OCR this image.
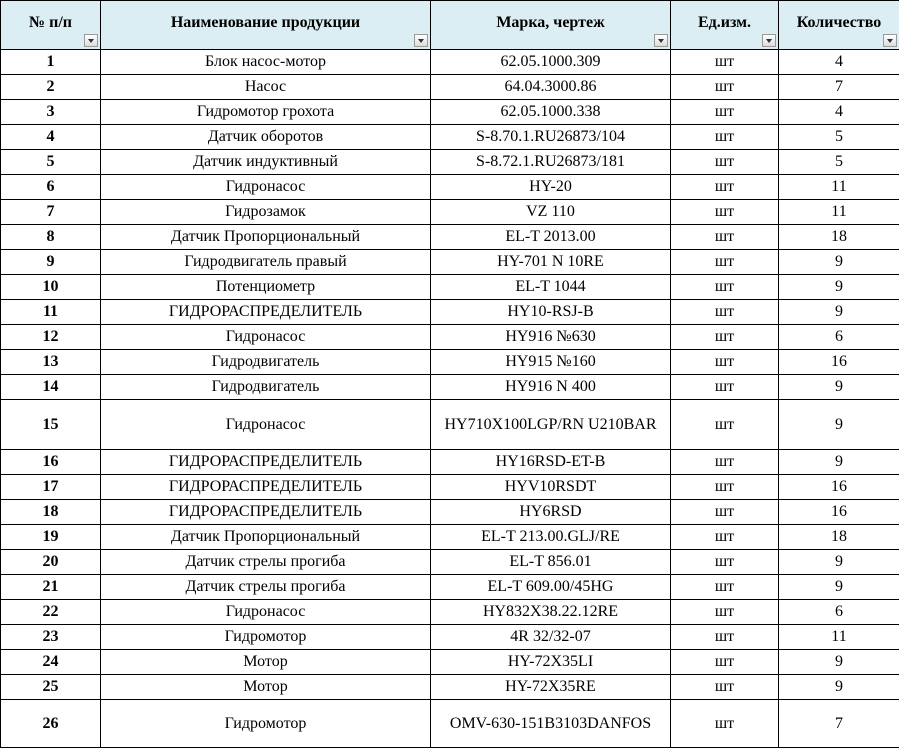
№ п/п	Наименование продукции	Марка, чертеж	Ед.изм.	Количество

1	Блок насос-мотор	62.05.1000.309	шт	4
2	Насос	64.04.3000.86	шт	7
3	Гидромотор грохота	62.05.1000.338	шт	4
4	Датчик оборотов	S-8.70.1.RU26873/104	шт	5
5	Датчик индуктивный	S-8.72.1.RU26873/181	шт	5
6	Гидронасос	HY-20	шт	11
7	Гидрозамок	VZ 110	шт	11
8	Датчик Пропорциональный	EL-T 2013.00	шт	18
9	Гидродвигатель правый	HY-701 N 10RE	шт	9
10	Потенциометр	EL-T 1044	шт	9
11	ГИДРОРАСПРЕДЕЛИТЕЛЬ	HY10-RSJ-B	шт	9
12	Гидронасос	HY916 №630	шт	6
13	Гидродвигатель	HY915 №160	шт	16
14	Гидродвигатель	HY916 N 400	шт	9
15	Гидронасос	HY710X100LGP/RN U210BAR	шт	9
16	ГИДРОРАСПРЕДЕЛИТЕЛЬ	HY16RSD-ET-B	шт	9
17	ГИДРОРАСПРЕДЕЛИТЕЛЬ	HYV10RSDT	шт	16
18	ГИДРОРАСПРЕДЕЛИТЕЛЬ	HY6RSD	шт	16
19	Датчик Пропорциональный	EL-T 213.00.GLJ/RE	шт	18
20	Датчик стрелы прогиба	EL-T 856.01	шт	9
21	Датчик стрелы прогиба	EL-T 609.00/45HG	шт	9
22	Гидронасос	HY832X38.22.12RE	шт	6
23	Гидромотор	4R 32/32-07	шт	11
24	Мотор	HY-72X35LI	шт	9
25	Мотор	HY-72X35RE	шт	9
26	Гидромотор	OMV-630-151B3103DANFOS	шт	7
